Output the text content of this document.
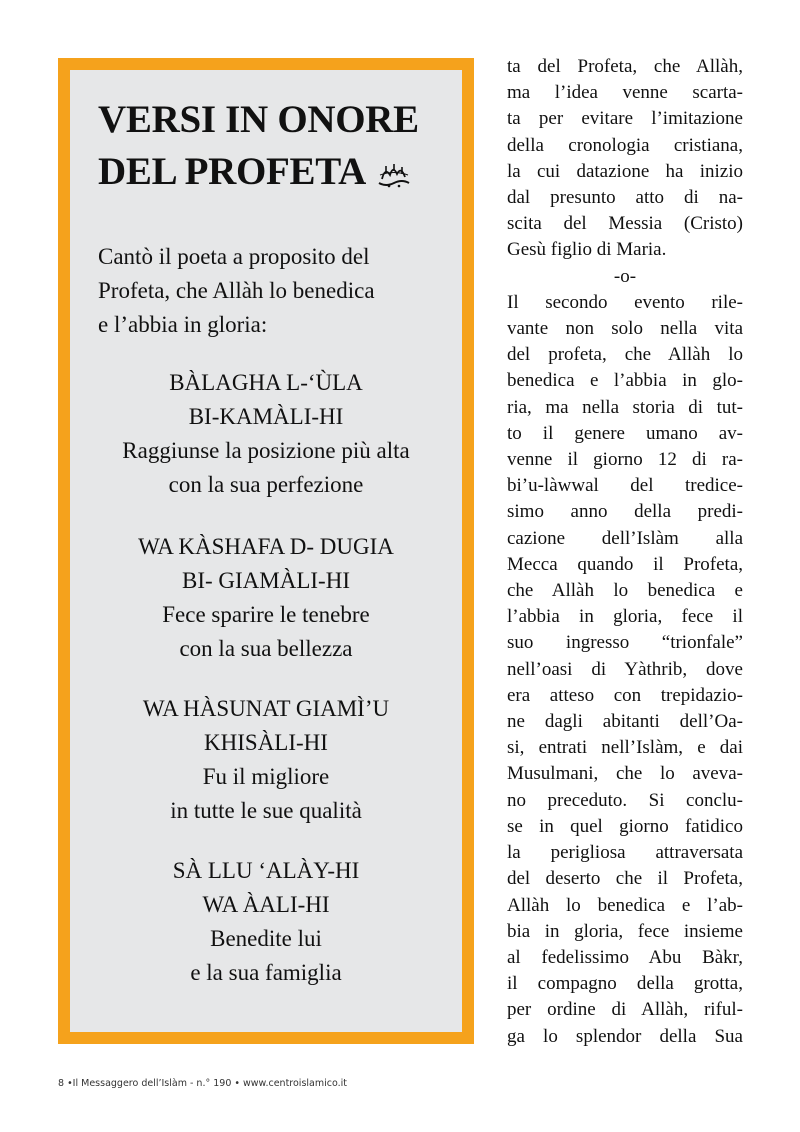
VERSI IN ONORE
DEL PROFETA
Cantò il poeta a proposito del
Profeta, che Allàh lo benedica
e l’abbia in gloria:
BÀLAGHA L-‘ÙLA
BI-KAMÀLI-HI
Raggiunse la posizione più alta
con la sua perfezione
WA KÀSHAFA D- DUGIA
BI- GIAMÀLI-HI
Fece sparire le tenebre
con la sua bellezza
WA HÀSUNAT GIAMÌ’U
KHISÀLI-HI
Fu il migliore
in tutte le sue qualità
SÀ LLU ‘ALÀY-HI
WA ÀALI-HI
Benedite lui
e la sua famiglia
ta del Profeta, che Allàh,
ma l’idea venne scarta-
ta per evitare l’imitazione
della cronologia cristiana,
la cui datazione ha inizio
dal presunto atto di na-
scita del Messia (Cristo)
Gesù figlio di Maria.
-o-
Il secondo evento rile-
vante non solo nella vita
del profeta, che Allàh lo
benedica e l’abbia in glo-
ria, ma nella storia di tut-
to il genere umano av-
venne il giorno 12 di ra-
bi’u-làwwal del tredice-
simo anno della predi-
cazione dell’Islàm alla
Mecca quando il Profeta,
che Allàh lo benedica e
l’abbia in gloria, fece il
suo ingresso “trionfale”
nell’oasi di Yàthrib, dove
era atteso con trepidazio-
ne dagli abitanti dell’Oa-
si, entrati nell’Islàm, e dai
Musulmani, che lo aveva-
no preceduto. Si conclu-
se in quel giorno fatidico
la perigliosa attraversata
del deserto che il Profeta,
Allàh lo benedica e l’ab-
bia in gloria, fece insieme
al fedelissimo Abu Bàkr,
il compagno della grotta,
per ordine di Allàh, riful-
ga lo splendor della Sua
8 •Il Messaggero dell’Islàm - n.° 190 • www.centroislamico.it
